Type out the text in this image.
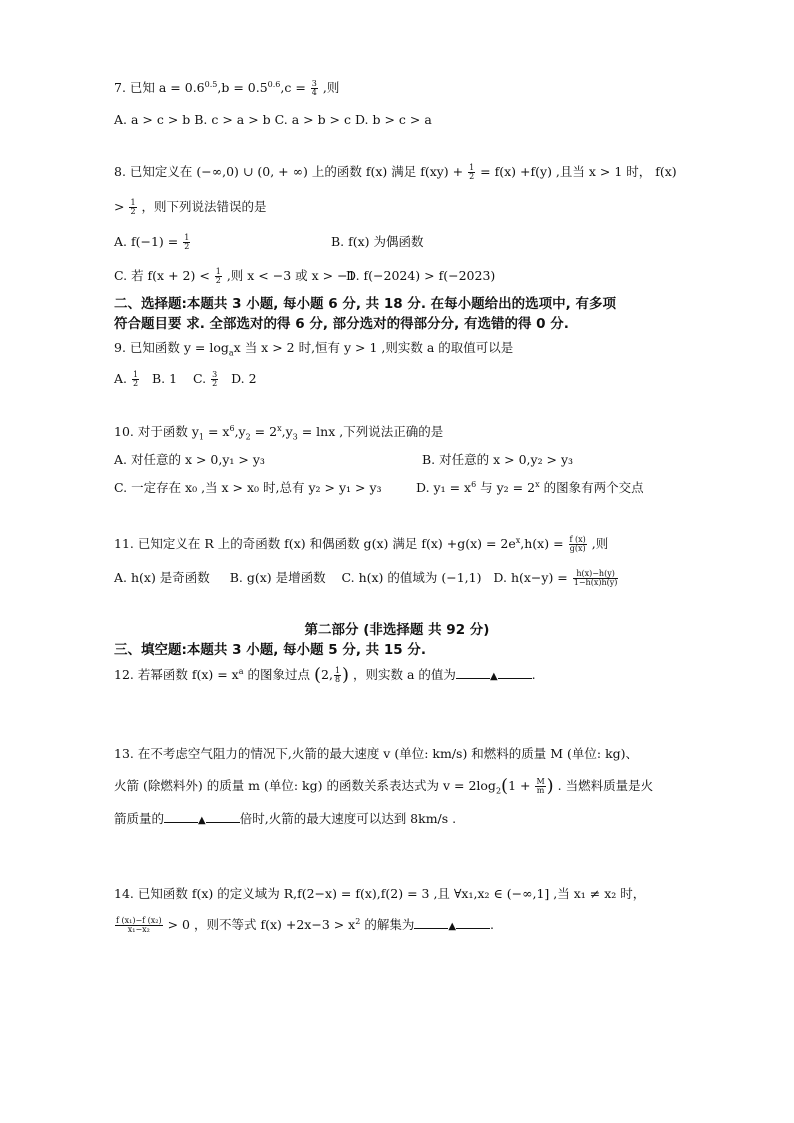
7. 已知 $a = 0.6^{0.5},b = 0.5^{0.6},c = \frac{3}{4}$ ,则
A. a > c > b B. c > a > b C. a > b > c D. b > c > a
8. 已知定义在 (−∞,0) ∪ (0, + ∞) 上的函数 f(x) 满足 $f(xy) + \frac{1}{2} = f(x) +f(y)$ ,且当 x > 1 时， f(x)
> $\frac{1}{2}$ ，则下列说法错误的是
A. $f(-1) = \frac{1}{2}$	B. f(x) 为偶函数
C. 若 $f(x + 2) < \frac{1}{2}$ ,则 x < −3 或 x > −1
D. f(−2024) > f(−2023)
二、选择题:本题共 3 小题, 每小题 6 分, 共 18 分. 在每小题给出的选项中, 有多项
符合题目要 求. 全部选对的得 6 分, 部分选对的得部分分, 有选错的得 0 分.
9. 已知函数 $y = \log_ax$ 当 x > 2 时,恒有 y > 1 ,则实数 a 的取值可以是
A. $\frac{1}{2} B$. 1 C. $\frac{3}{2} D$. 2
10. 对于函数 $y_1 = x^6,y_2 = 2^x,y_3 = \ln x$ ,下列说法正确的是
A. 对任意的 x > 0,y₁ > y₃	B. 对任意的 x > 0,y₂ > y₃
C. 一定存在 x₀ ,当 x > x₀ 时,总有 y₂ > y₁ > y₃	D. $y_1 = x^6$ 与 $y_2 = 2^x$ 的图象有两个交点
11. 已知定义在 R 上的奇函数 f(x) 和偶函数 g(x) 满足 $f(x) +g(x) = 2e^x,h(x) = \frac{f (x)}{g(x)}$ ,则
A. h(x) 是奇函数 B. g(x) 是增函数 C. h(x) 的值域为 (−1,1) D. $h(x-y) = \frac{h(x)-h(y)}{1-h(x)h(y)}$
第二部分 (非选择题 共 92 分)
三、填空题:本题共 3 小题, 每小题 5 分, 共 15 分.
12. 若幂函数 $f(x) = x^a$ 的图象过点 (2, $\frac{1}{8}$ ) ，则实数 a 的值为	▲	.
13. 在不考虑空气阻力的情况下,火箭的最大速度 v (单位: km/s) 和燃料的质量 M (单位: kg)、
火箭 (除燃料外) 的质量 m (单位: kg) 的函数关系表达式为 $v = 2\log_2(1 + \frac{M}{m}$ ) . 当燃料质量是火
箭质量的	▲	倍时,火箭的最大速度可以达到 8km/s .
14. 已知函数 f(x) 的定义域为 R,f(2−x) = f(x),f(2) = 3 ,且 ∀x₁,x₂ ∈ (−∞,1] ,当 x₁ ≠ x₂ 时，
$\frac{\text{f (x₁)−f (x₂)}}{\text{x₁−x₂}} > 0$ ，则不等式 $f(x) +2x-3 > x^2$ 的解集为	▲	.
